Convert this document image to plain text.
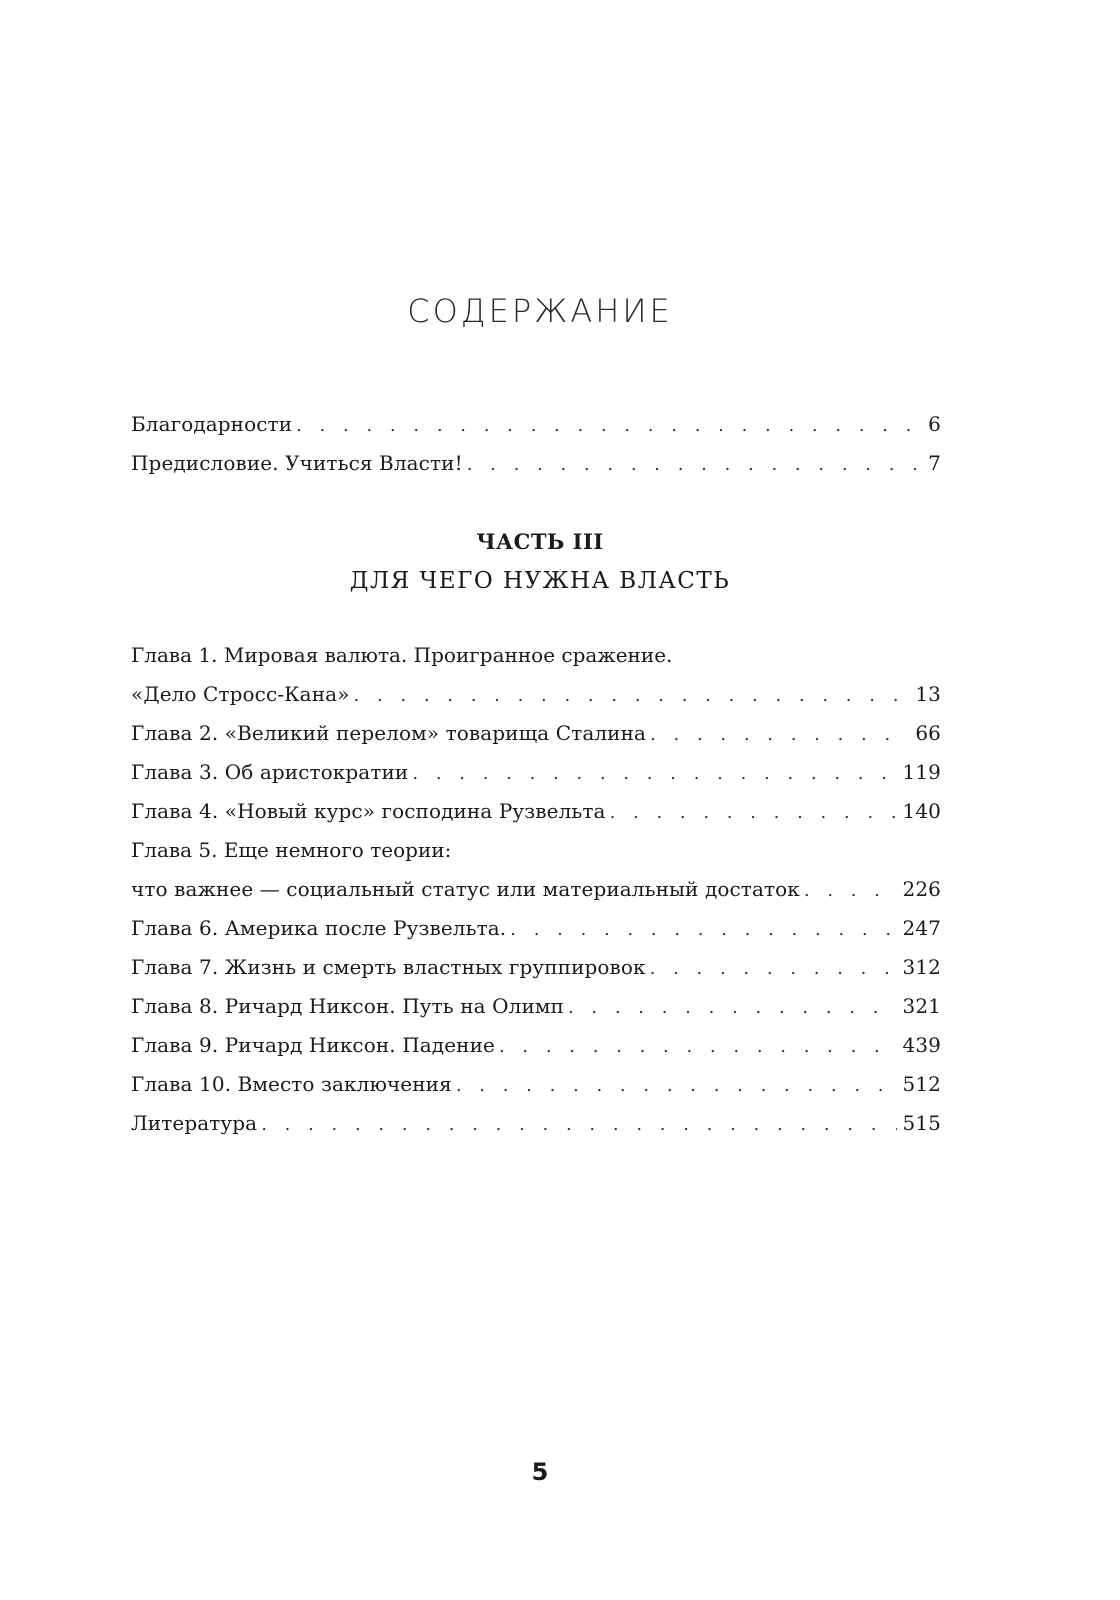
СОДЕРЖАНИЕ
Благодарности . . .	6
Предисловие. Учиться Власти! . . .	7
ЧАСТЬ III
ДЛЯ ЧЕГО НУЖНА ВЛАСТЬ
Глава 1. Мировая валюта. Проигранное сражение.
«Дело Стросс-Кана» . . .	13
Глава 2. «Великий перелом» товарища Сталина . . .	66
Глава 3. Об аристократии . . .	119
Глава 4. «Новый курс» господина Рузвельта . . .	140
Глава 5. Еще немного теории:
что важнее — социальный статус или материальный достаток . . .	226
Глава 6. Америка после Рузвельта. . . .	247
Глава 7. Жизнь и смерть властных группировок . . .	312
Глава 8. Ричард Никсон. Путь на Олимп . . .	321
Глава 9. Ричард Никсон. Падение . . .	439
Глава 10. Вместо заключения . . .	512
Литература . . .	515
5
